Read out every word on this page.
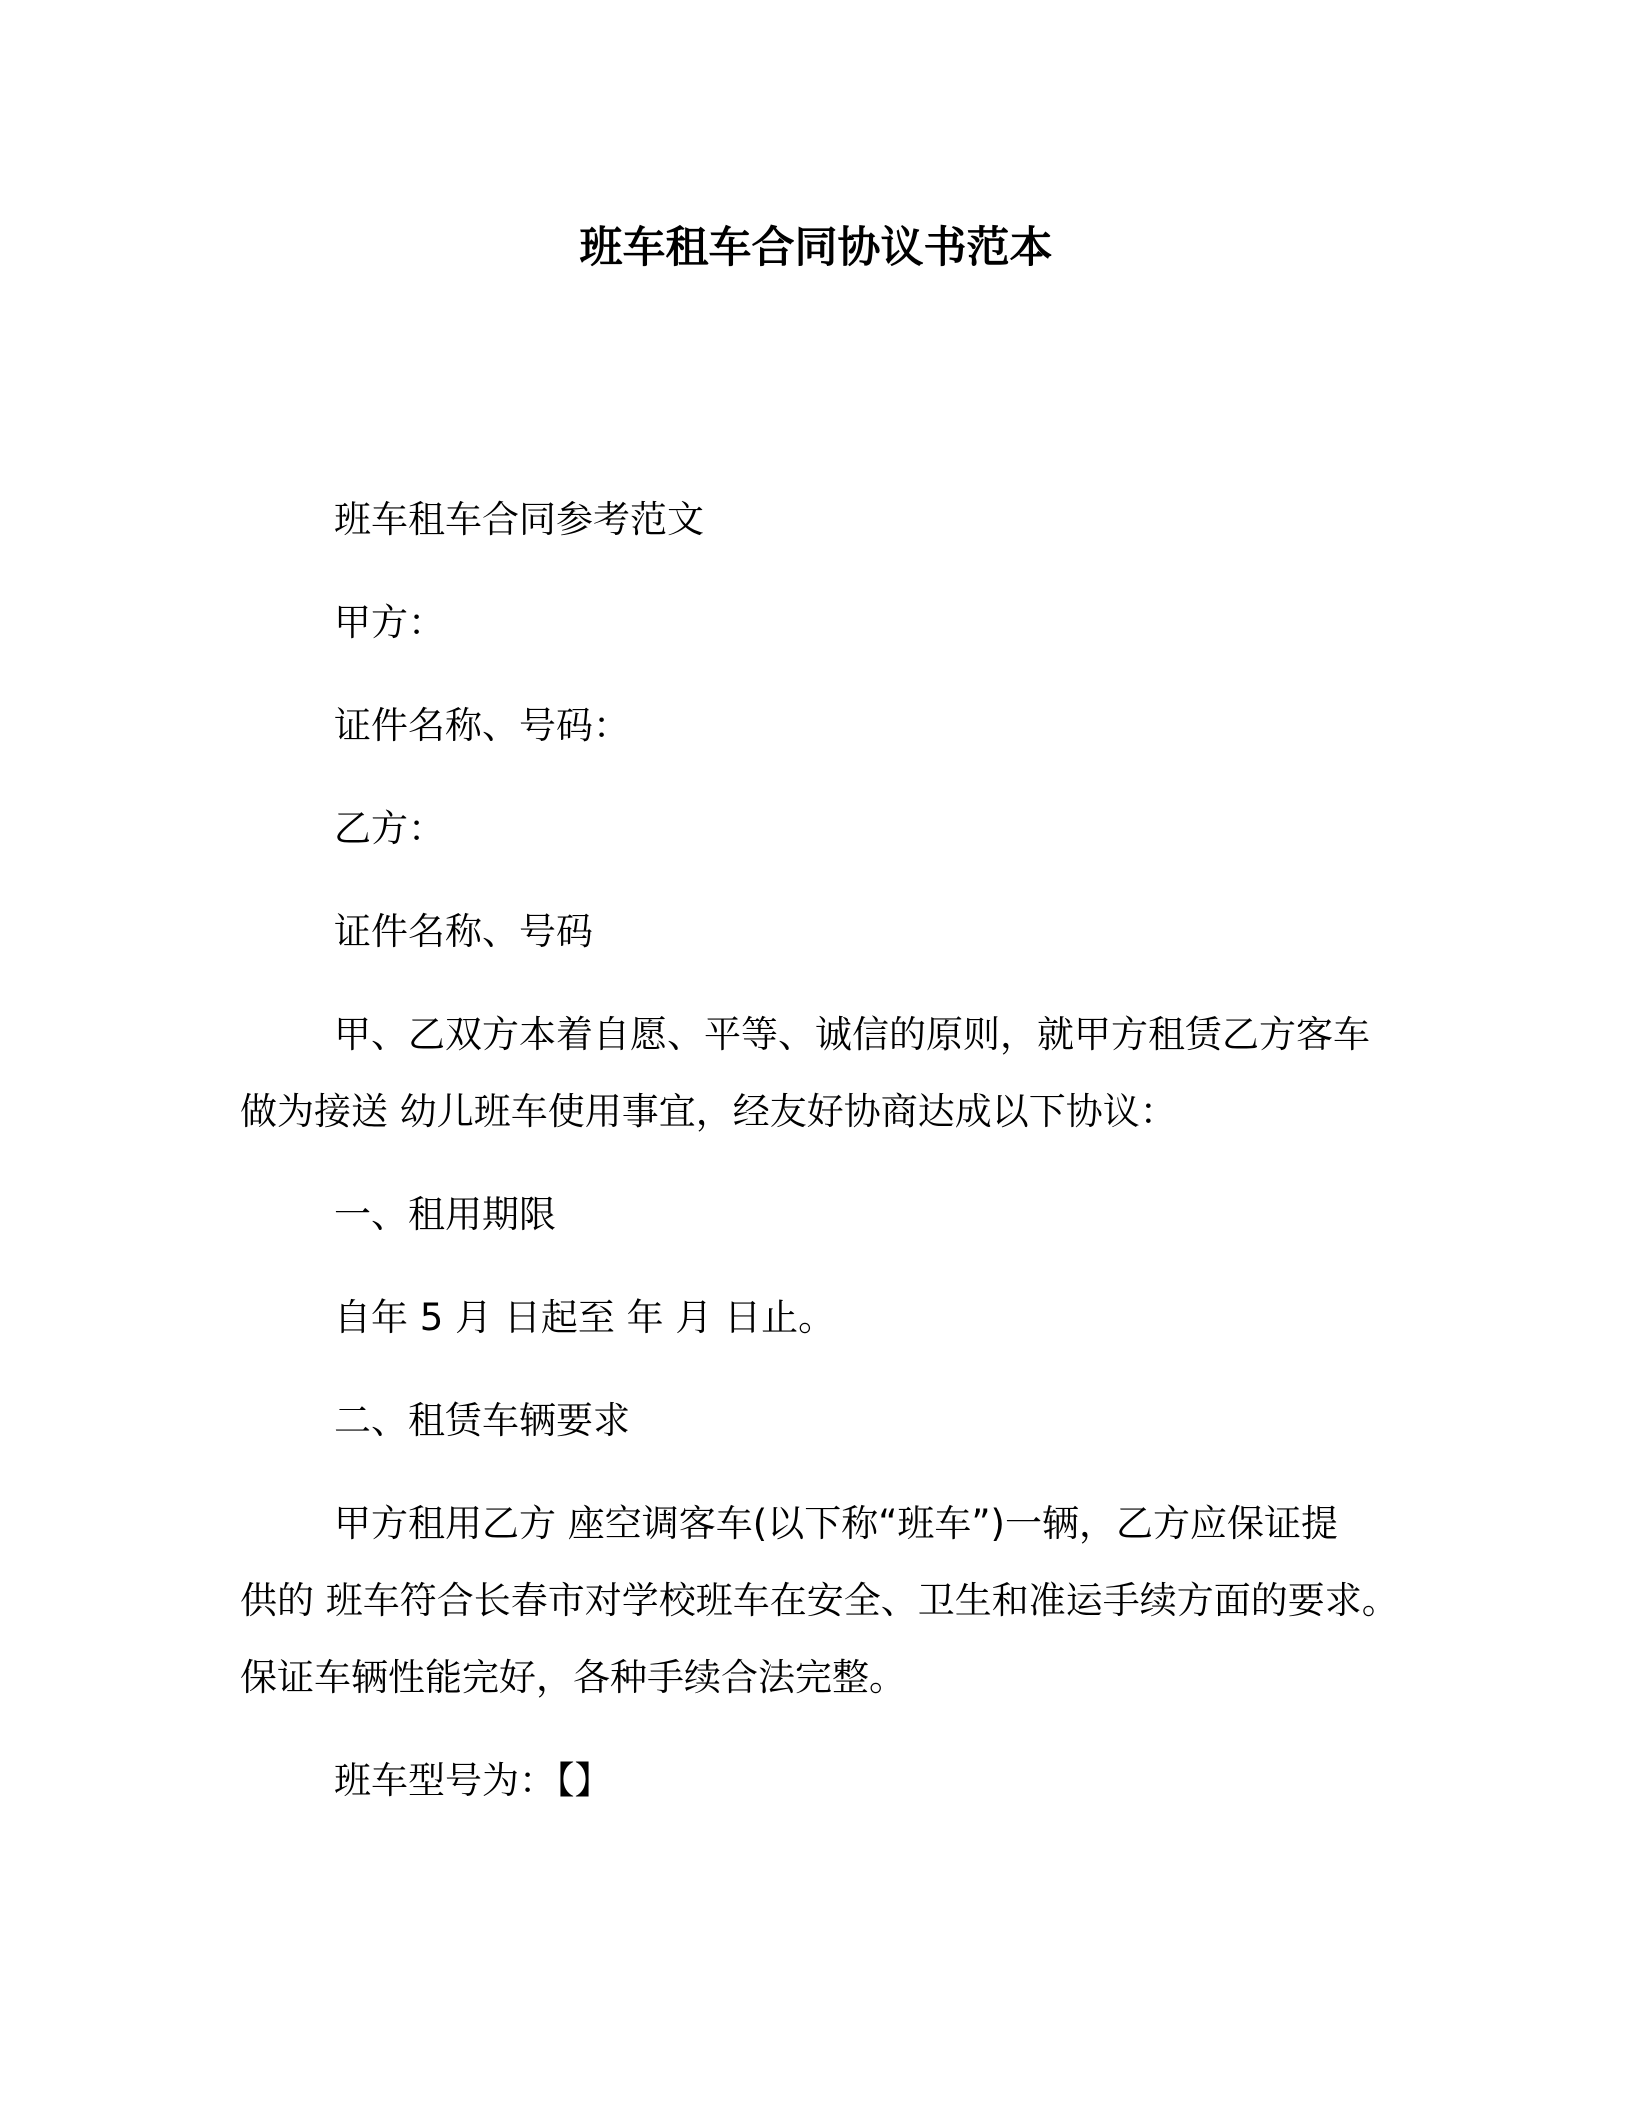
班车租车合同协议书范本
班车租车合同参考范文
甲方：
证件名称、号码：
乙方：
证件名称、号码
甲、乙双方本着自愿、平等、诚信的原则，就甲方租赁乙方客车
做为接送 幼儿班车使用事宜，经友好协商达成以下协议：
一、租用期限
自年 5 月 日起至 年 月 日止。
二、租赁车辆要求
甲方租用乙方 座空调客车(以下称“班车”)一辆，乙方应保证提
供的 班车符合长春市对学校班车在安全、卫生和准运手续方面的要求。
保证车辆性能完好，各种手续合法完整。
班车型号为：【】
